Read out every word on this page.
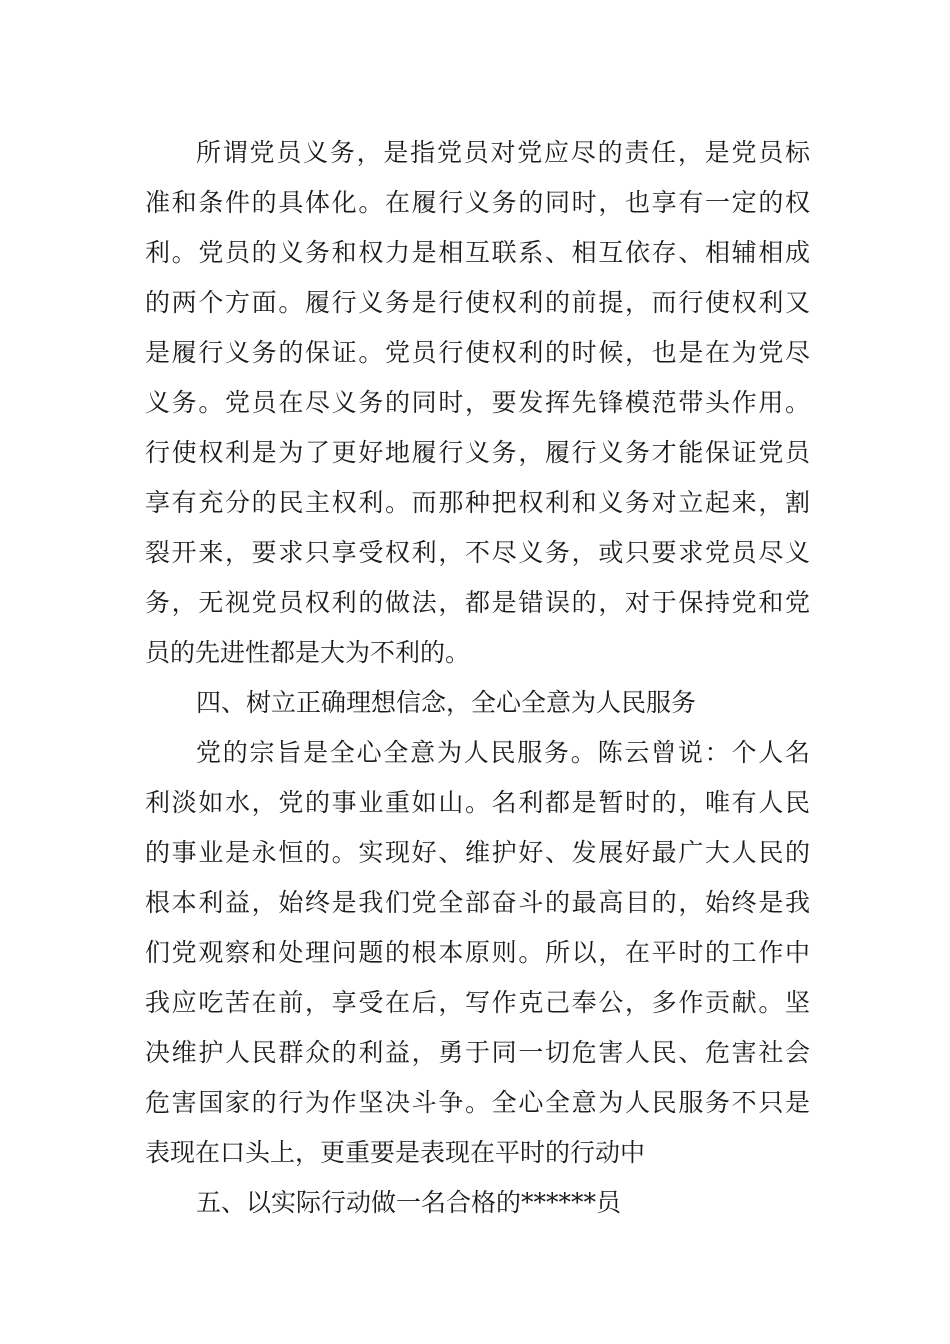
所谓党员义务，是指党员对党应尽的责任，是党员标
准和条件的具体化。在履行义务的同时，也享有一定的权
利。党员的义务和权力是相互联系、相互依存、相辅相成
的两个方面。履行义务是行使权利的前提，而行使权利又
是履行义务的保证。党员行使权利的时候，也是在为党尽
义务。党员在尽义务的同时，要发挥先锋模范带头作用。
行使权利是为了更好地履行义务，履行义务才能保证党员
享有充分的民主权利。而那种把权利和义务对立起来，割
裂开来，要求只享受权利，不尽义务，或只要求党员尽义
务，无视党员权利的做法，都是错误的，对于保持党和党
员的先进性都是大为不利的。
四、树立正确理想信念，全心全意为人民服务
党的宗旨是全心全意为人民服务。陈云曾说：个人名
利淡如水，党的事业重如山。名利都是暂时的，唯有人民
的事业是永恒的。实现好、维护好、发展好最广大人民的
根本利益，始终是我们党全部奋斗的最高目的，始终是我
们党观察和处理问题的根本原则。所以，在平时的工作中
我应吃苦在前，享受在后，写作克己奉公，多作贡献。坚
决维护人民群众的利益，勇于同一切危害人民、危害社会
危害国家的行为作坚决斗争。全心全意为人民服务不只是
表现在口头上，更重要是表现在平时的行动中
五、以实际行动做一名合格的******员
